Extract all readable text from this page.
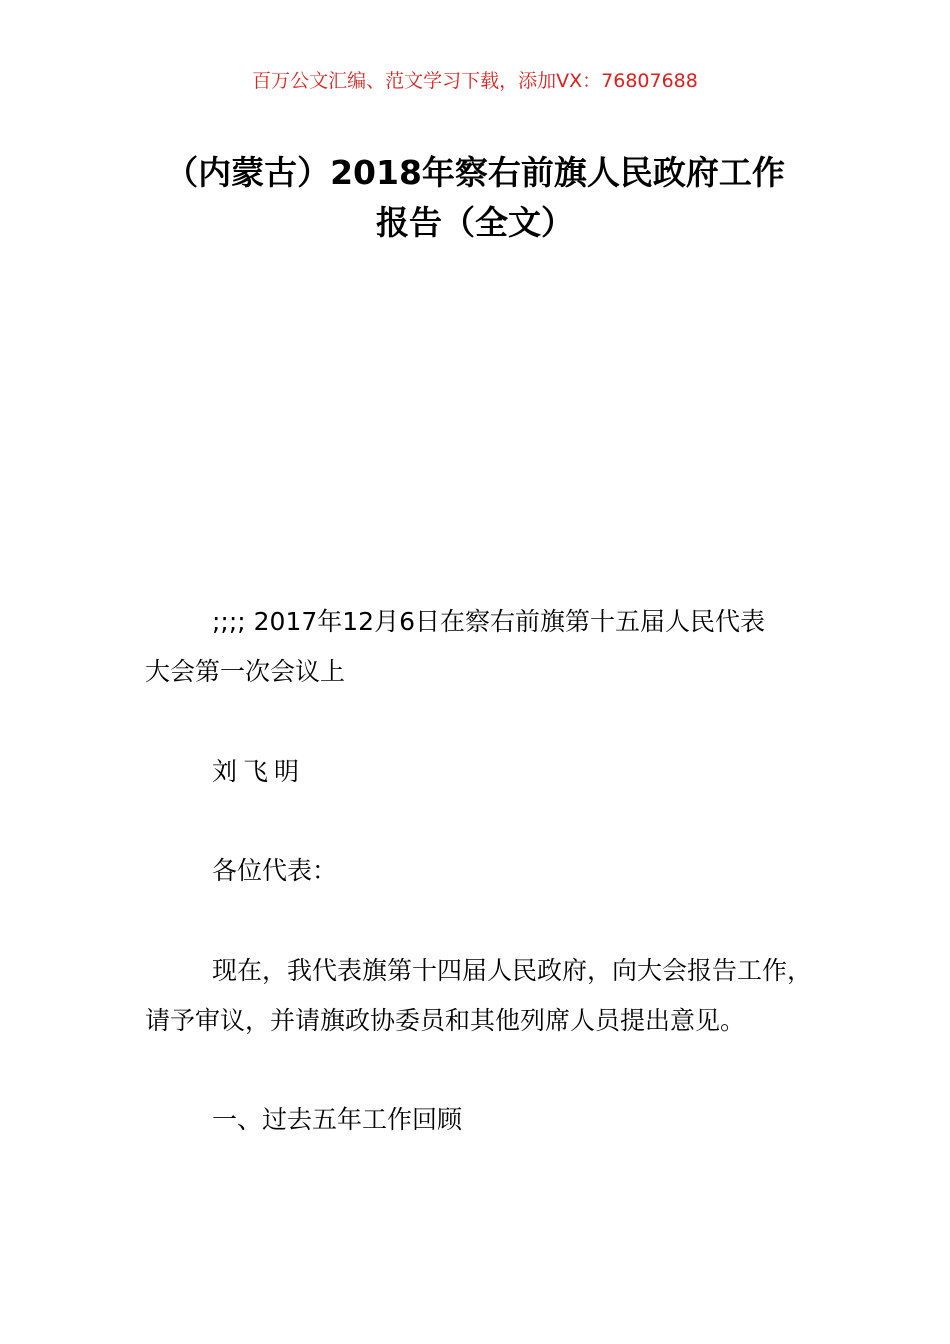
百万公文汇编、范文学习下载，添加VX：76807688
（内蒙古）2018年察右前旗人民政府工作
报告（全文）

;;;; 2017年12月6日在察右前旗第十五届人民代表
大会第一次会议上

刘飞明

各位代表：

现在，我代表旗第十四届人民政府，向大会报告工作，
请予审议，并请旗政协委员和其他列席人员提出意见。

一、过去五年工作回顾
